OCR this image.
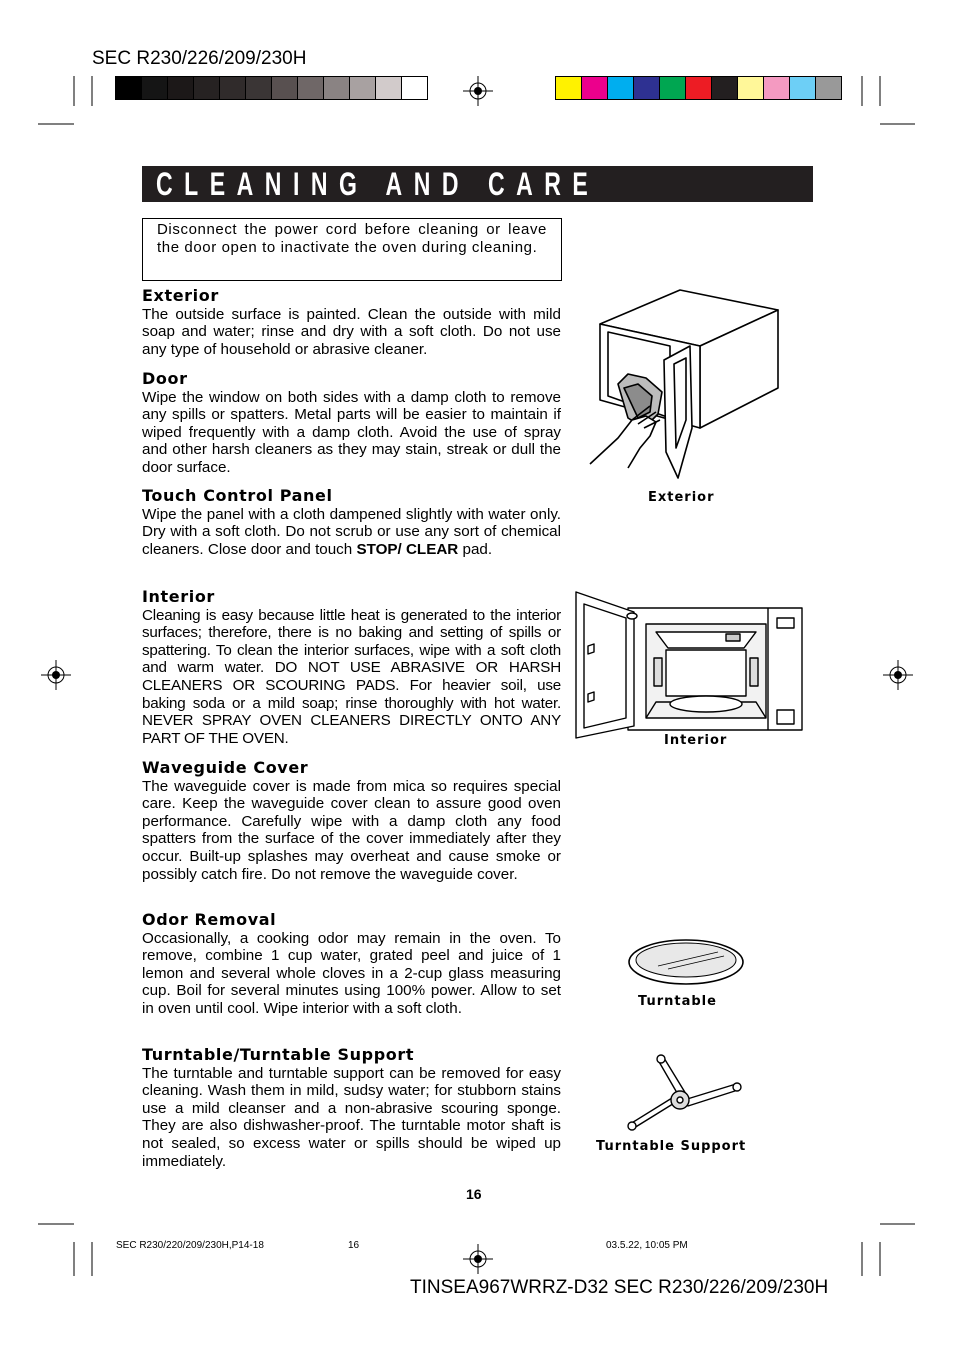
SEC R230/226/209/230H
CLEANING AND CARE
Disconnect the power cord before cleaning or leave the door open to inactivate the oven during cleaning.
Exterior

The outside surface is painted. Clean the outside with mild soap and water; rinse and dry with a soft cloth. Do not use any type of household or abrasive cleaner.

Door

Wipe the window on both sides with a damp cloth to remove any spills or spatters. Metal parts will be easier to maintain if wiped frequently with a damp cloth. Avoid the use of spray and other harsh cleaners as they may stain, streak or dull the door surface.

Touch Control Panel

Wipe the panel with a cloth dampened slightly with water only. Dry with a soft cloth. Do not scrub or use any sort of chemical cleaners. Close door and touch STOP/ CLEAR pad.

Interior

Cleaning is easy because little heat is generated to the interior surfaces; therefore, there is no baking and setting of spills or spattering. To clean the interior surfaces, wipe with a soft cloth and warm water. DO NOT USE ABRASIVE OR HARSH CLEANERS OR SCOURING PADS. For heavier soil, use baking soda or a mild soap; rinse thoroughly with hot water. NEVER SPRAY OVEN CLEANERS DIRECTLY ONTO ANY PART OF THE OVEN.

Waveguide Cover

The waveguide cover is made from mica so requires special care. Keep the waveguide cover clean to assure good oven performance. Carefully wipe with a damp cloth any food spatters from the surface of the cover immediately after they occur. Built-up splashes may overheat and cause smoke or possibly catch fire. Do not remove the waveguide cover.

Odor Removal

Occasionally, a cooking odor may remain in the oven. To remove, combine 1 cup water, grated peel and juice of 1 lemon and several whole cloves in a 2-cup glass measuring cup. Boil for several minutes using 100% power. Allow to set in oven until cool. Wipe interior with a soft cloth.

Turntable/Turntable Support

The turntable and turntable support can be removed for easy cleaning. Wash them in mild, sudsy water; for stubborn stains use a mild cleanser and a non-abrasive scouring sponge. They are also dishwasher-proof. The turntable motor shaft is not sealed, so excess water or spills should be wiped up immediately.

Exterior
Interior
Turntable
Turntable Support
16
SEC R230/220/209/230H,P14-18	16	03.5.22, 10:05 PM
TINSEA967WRRZ-D32 SEC R230/226/209/230H
